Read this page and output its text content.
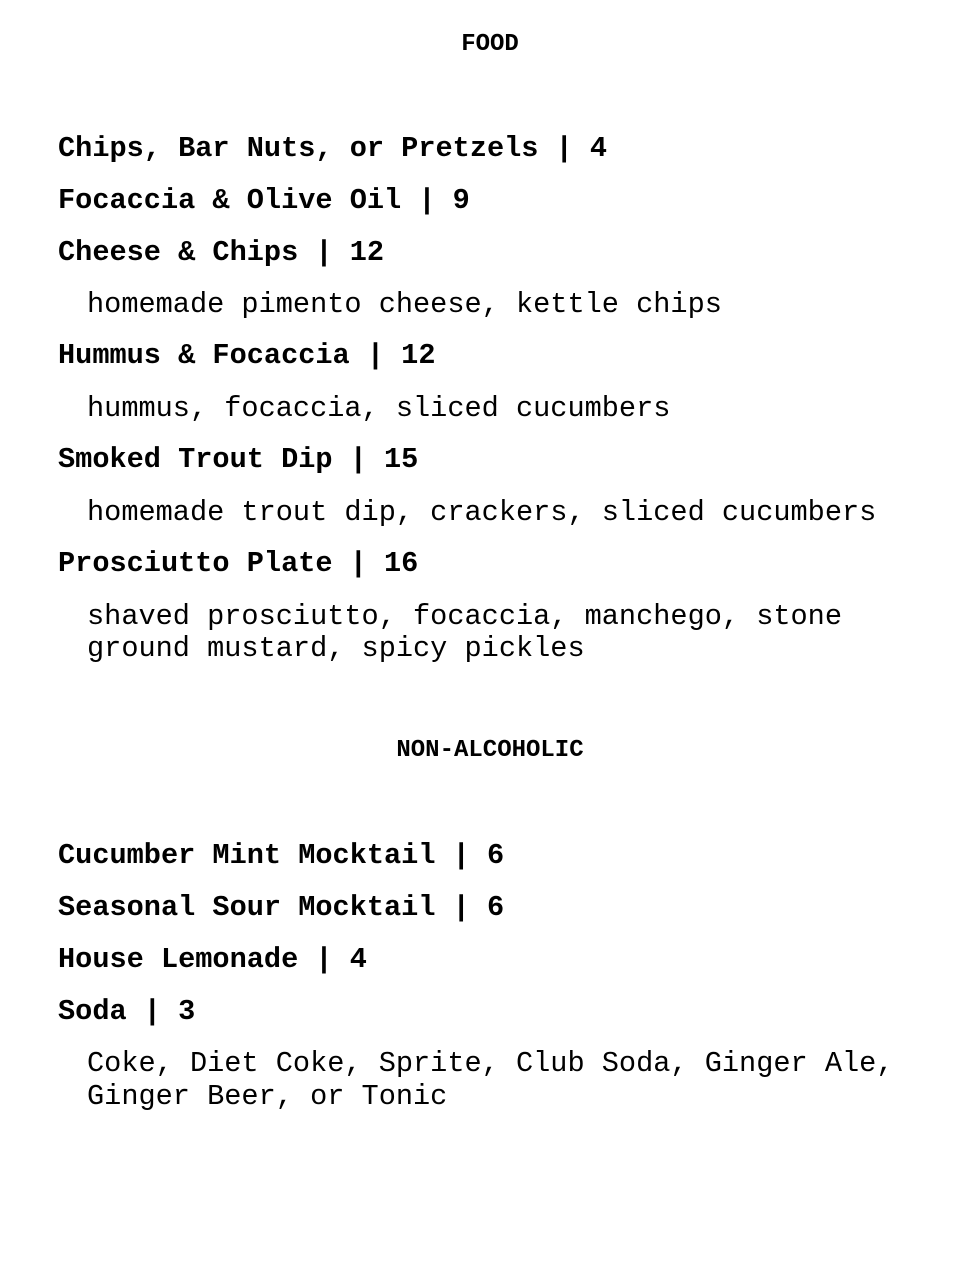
FOOD
Chips, Bar Nuts, or Pretzels | 4
Focaccia & Olive Oil | 9
Cheese & Chips | 12
homemade pimento cheese, kettle chips
Hummus & Focaccia | 12
hummus, focaccia, sliced cucumbers
Smoked Trout Dip | 15
homemade trout dip, crackers, sliced cucumbers
Prosciutto Plate | 16
shaved prosciutto, focaccia, manchego, stone
ground mustard, spicy pickles
NON-ALCOHOLIC
Cucumber Mint Mocktail | 6
Seasonal Sour Mocktail | 6
House Lemonade | 4
Soda | 3
Coke, Diet Coke, Sprite, Club Soda, Ginger Ale,
Ginger Beer, or Tonic
